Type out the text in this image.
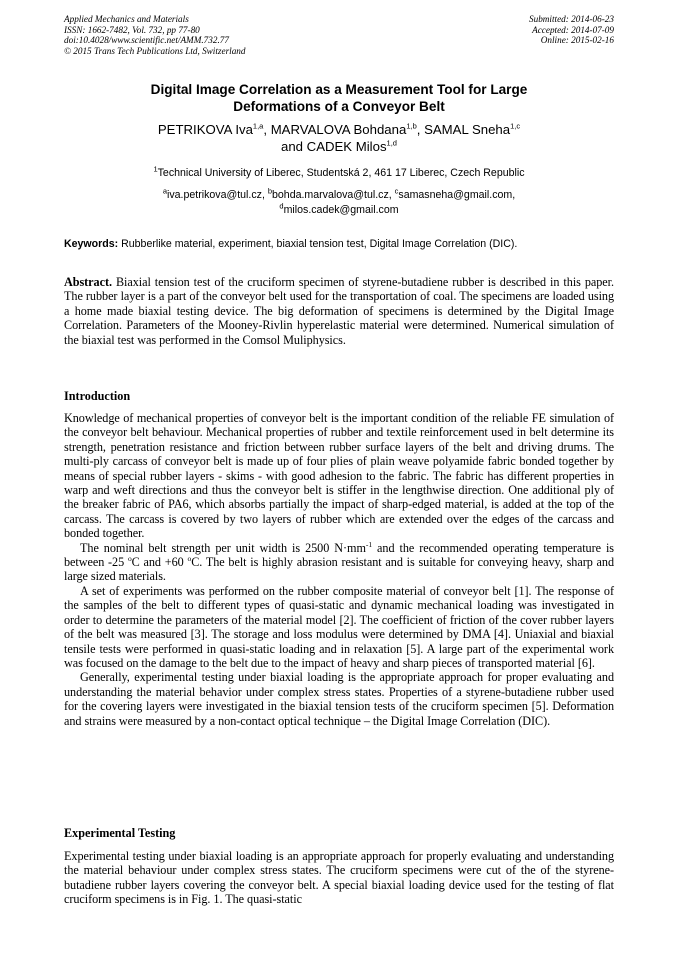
Applied Mechanics and Materials
ISSN: 1662-7482, Vol. 732, pp 77-80
doi:10.4028/www.scientific.net/AMM.732.77
© 2015 Trans Tech Publications Ltd, Switzerland
Submitted: 2014-06-23
Accepted: 2014-07-09
Online: 2015-02-16
Digital Image Correlation as a Measurement Tool for Large
Deformations of a Conveyor Belt
PETRIKOVA Iva$^{1,a}$, MARVALOVA Bohdana$^{1,b}$, SAMAL Sneha$^{1,c}$
and CADEK Milos$^{1,d}$
$^1$Technical University of Liberec, Studentská 2, 461 17 Liberec, Czech Republic
$^a$iva.petrikova@tul.cz, $^b$bohda.marvalova@tul.cz, $^c$samasneha@gmail.com,
$^d$milos.cadek@gmail.com
Keywords: Rubberlike material, experiment, biaxial tension test, Digital Image Correlation (DIC).

Abstract. Biaxial tension test of the cruciform specimen of styrene-butadiene rubber is described in this paper. The rubber layer is a part of the conveyor belt used for the transportation of coal. The specimens are loaded using a home made biaxial testing device. The big deformation of specimens is determined by the Digital Image Correlation. Parameters of the Mooney-Rivlin hyperelastic material were determined. Numerical simulation of the biaxial test was performed in the Comsol Muliphysics.

Introduction

Knowledge of mechanical properties of conveyor belt is the important condition of the reliable FE simulation of the conveyor belt behaviour. Mechanical properties of rubber and textile reinforcement used in belt determine its strength, penetration resistance and friction between rubber surface layers of the belt and driving drums. The multi-ply carcass of conveyor belt is made up of four plies of plain weave polyamide fabric bonded together by means of special rubber layers - skims - with good adhesion to the fabric. The fabric has different properties in warp and weft directions and thus the conveyor belt is stiffer in the lengthwise direction. One additional ply of the breaker fabric of PA6, which absorbs partially the impact of sharp-edged material, is added at the top of the carcass. The carcass is covered by two layers of rubber which are extended over the edges of the carcass and bonded together.

The nominal belt strength per unit width is 2500 $N\cdot mm^{-1}$ and the recommended operating temperature is between -25 $^o$C and +60 $^o$C. The belt is highly abrasion resistant and is suitable for conveying heavy, sharp and large sized materials.

A set of experiments was performed on the rubber composite material of conveyor belt [1]. The response of the samples of the belt to different types of quasi-static and dynamic mechanical loading was investigated in order to determine the parameters of the material model [2]. The coefficient of friction of the cover rubber layers of the belt was measured [3]. The storage and loss modulus were determined by DMA [4]. Uniaxial and biaxial tensile tests were performed in quasi-static loading and in relaxation [5]. A large part of the experimental work was focused on the damage to the belt due to the impact of heavy and sharp pieces of transported material [6].

Generally, experimental testing under biaxial loading is the appropriate approach for proper evaluating and understanding the material behavior under complex stress states. Properties of a styrene-butadiene rubber used for the covering layers were investigated in the biaxial tension tests of the cruciform specimen [5]. Deformation and strains were measured by a non-contact optical technique – the Digital Image Correlation (DIC).

Experimental Testing

Experimental testing under biaxial loading is an appropriate approach for properly evaluating and understanding the material behaviour under complex stress states. The cruciform specimens were cut of the of the styrene-butadiene rubber layers covering the conveyor belt. A special biaxial loading device used for the testing of flat cruciform specimens is in Fig. 1. The quasi-static
